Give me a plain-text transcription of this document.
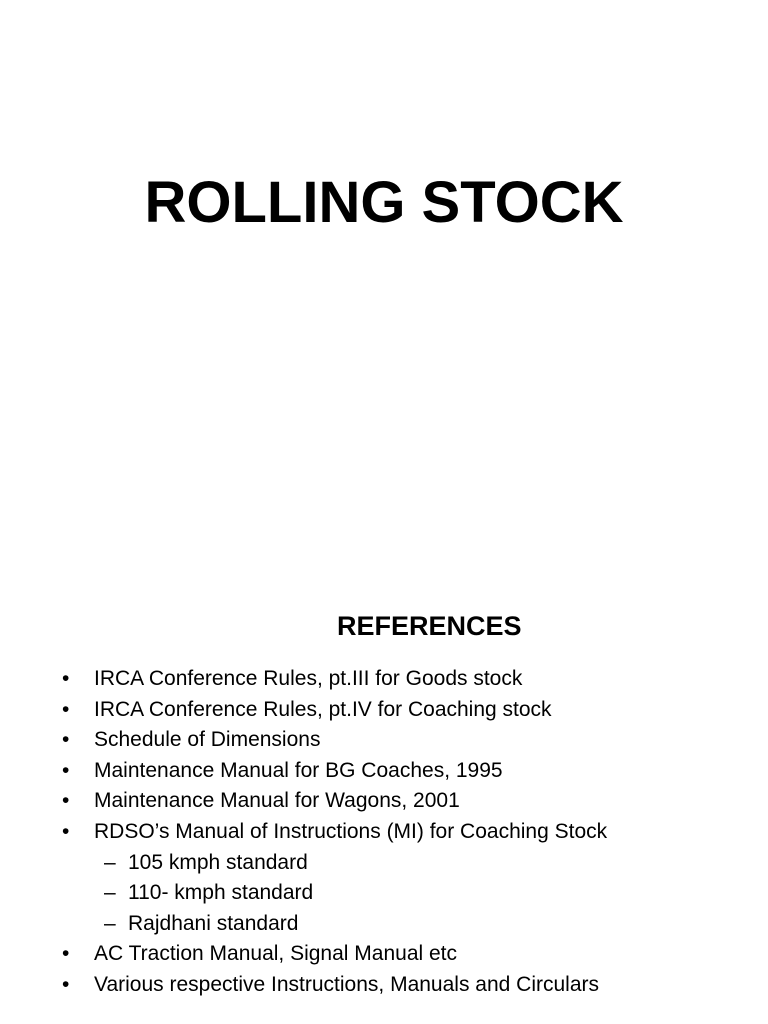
ROLLING STOCK
REFERENCES
•	IRCA Conference Rules, pt.III for Goods stock
•	IRCA Conference Rules, pt.IV for Coaching stock
•	Schedule of Dimensions
•	Maintenance Manual for BG Coaches, 1995
•	Maintenance Manual for Wagons, 2001
•	RDSO’s Manual of Instructions (MI) for Coaching Stock
– 105 kmph standard
– 110- kmph standard
– Rajdhani standard
•	AC Traction Manual, Signal Manual etc
•	Various respective Instructions, Manuals and Circulars
